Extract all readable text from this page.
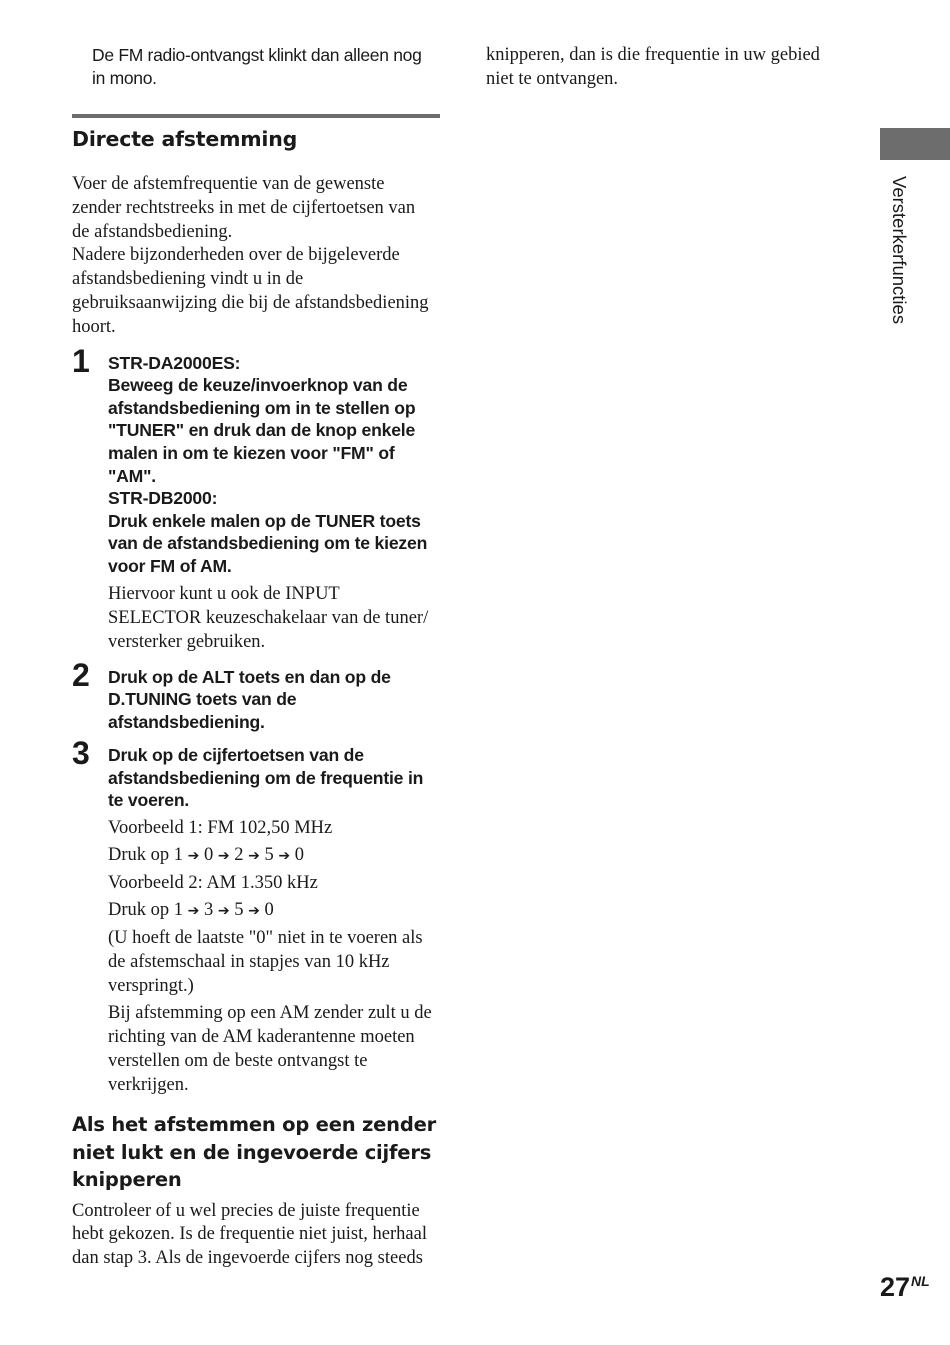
De FM radio-ontvangst klinkt dan alleen nog
in mono.
Directe afstemming

Voer de afstemfrequentie van de gewenste

zender rechtstreeks in met de cijfertoetsen van

de afstandsbediening.

Nadere bijzonderheden over de bijgeleverde

afstandsbediening vindt u in de

gebruiksaanwijzing die bij de afstandsbediening

hoort.

1 STR-DA2000ES:
Beweeg de keuze/invoerknop van de
afstandsbediening om in te stellen op
"TUNER" en druk dan de knop enkele
malen in om te kiezen voor "FM" of
"AM".
STR-DB2000:
Druk enkele malen op de TUNER toets
van de afstandsbediening om te kiezen
voor FM of AM.
Hiervoor kunt u ook de INPUT
SELECTOR keuzeschakelaar van de tuner/
versterker gebruiken.
2 Druk op de ALT toets en dan op de
D.TUNING toets van de
afstandsbediening.
3 Druk op de cijfertoetsen van de
afstandsbediening om de frequentie in
te voeren.

Voorbeeld 1: FM 102,50 MHz

Druk op 1 ➔ 0 ➔ 2 ➔ 5 ➔ 0

Voorbeeld 2: AM 1.350 kHz

Druk op 1 ➔ 3 ➔ 5 ➔ 0

(U hoeft de laatste "0" niet in te voeren als
de afstemschaal in stapjes van 10 kHz
verspringt.)
Bij afstemming op een AM zender zult u de
richting van de AM kaderantenne moeten
verstellen om de beste ontvangst te
verkrijgen.
Als het afstemmen op een zender
niet lukt en de ingevoerde cijfers
knipperen

Controleer of u wel precies de juiste frequentie

hebt gekozen. Is de frequentie niet juist, herhaal

dan stap 3. Als de ingevoerde cijfers nog steeds

knipperen, dan is die frequentie in uw gebied

niet te ontvangen.

Versterkerfuncties
$27^{NL}$
